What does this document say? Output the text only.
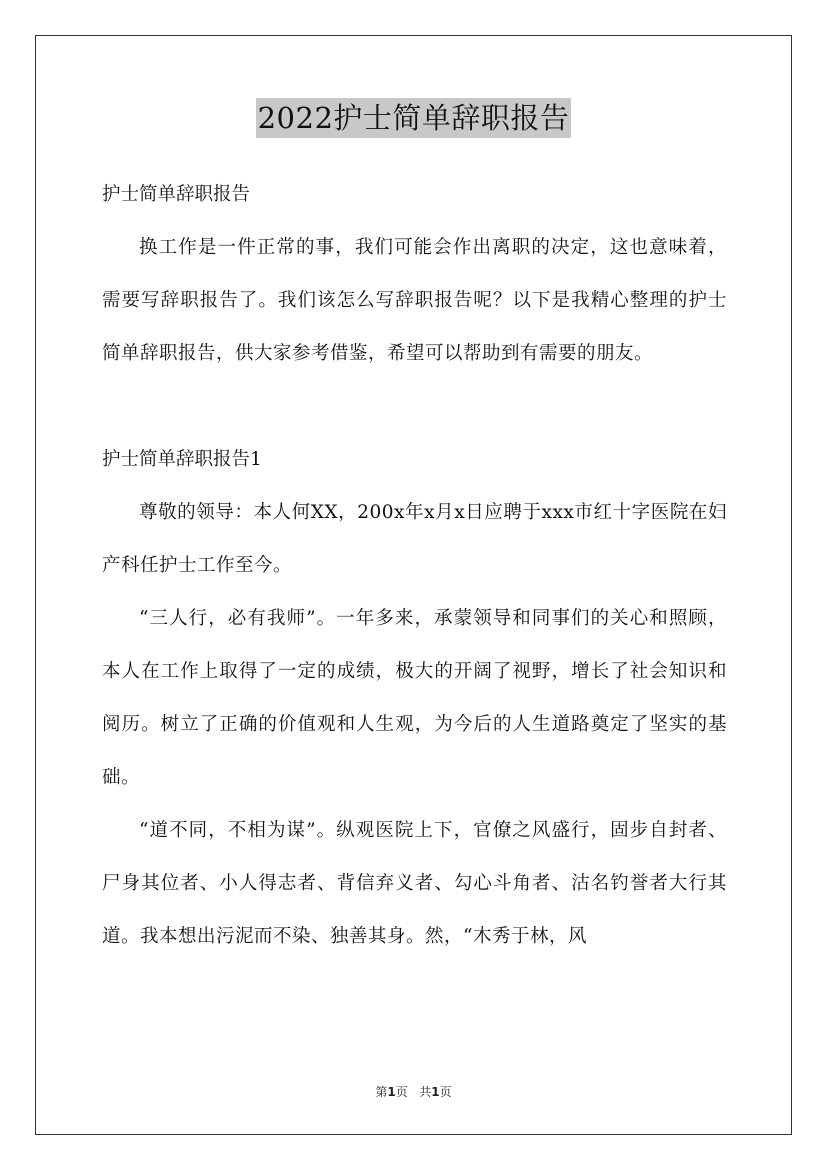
2022护士简单辞职报告

护士简单辞职报告

换工作是一件正常的事，我们可能会作出离职的决定，这也意味着，需要写辞职报告了。我们该怎么写辞职报告呢？以下是我精心整理的护士简单辞职报告，供大家参考借鉴，希望可以帮助到有需要的朋友。

护士简单辞职报告1

尊敬的领导：本人何XX，200x年x月x日应聘于xxx市红十字医院在妇产科任护士工作至今。

“三人行，必有我师”。一年多来，承蒙领导和同事们的关心和照顾，本人在工作上取得了一定的成绩，极大的开阔了视野，增长了社会知识和阅历。树立了正确的价值观和人生观，为今后的人生道路奠定了坚实的基础。

“道不同，不相为谋”。纵观医院上下，官僚之风盛行，固步自封者、尸身其位者、小人得志者、背信弃义者、勾心斗角者、沽名钓誉者大行其道。我本想出污泥而不染、独善其身。然，“木秀于林，风

第1页   共1页
